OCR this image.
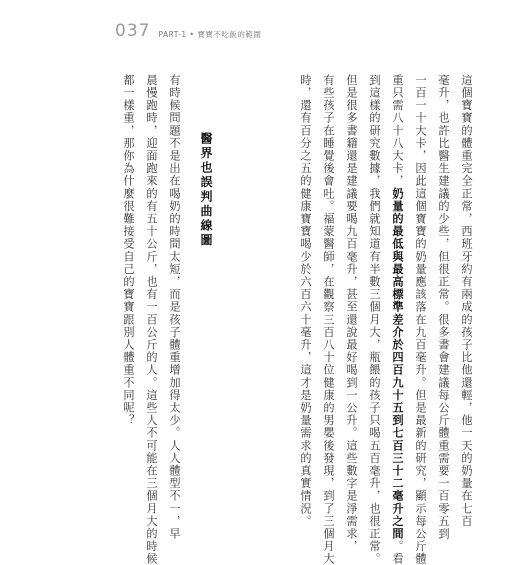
037 PART-1 • 寶寶不吃飯的範圍
這個寶寶的體重完全正常，西班牙約有兩成的孩子比他還輕，他一天的奶量在七百
毫升，也許比醫生建議的少些，但很正常。很多書會建議每公斤體重需要一百零五到
一百一十大卡，因此這個寶寶的奶量應該落在九百毫升。但是最新的研究，顯示每公斤體
重只需八十八大卡，奶量的最低與最高標準差介於四百九十五到七百三十二毫升之間。看
到這樣的研究數據，我們就知道有半數三個月大，瓶餵的孩子只喝五百毫升，也很正常。
但是很多書籍還是建議要喝九百毫升，甚至還說最好喝到一公升。這些數字是淨需求，
有些孩子在睡覺後會吐。福蒙醫師，在觀察三百八十位健康的男嬰後發現，到了三個月大
時，還有百分之五的健康寶寶喝少於六百六十毫升，這才是奶量需求的真實情況。
醫界也誤判曲線圖
有時候問題不是出在喝奶的時間太短，而是孩子體重增加得太少。人人體型不一，早
晨慢跑時，迎面跑來的有五十公斤，也有一百公斤的人。這些人不可能在三個月大的時候
都一樣重，那你為什麼很難接受自己的寶寶跟別人體重不同呢？
